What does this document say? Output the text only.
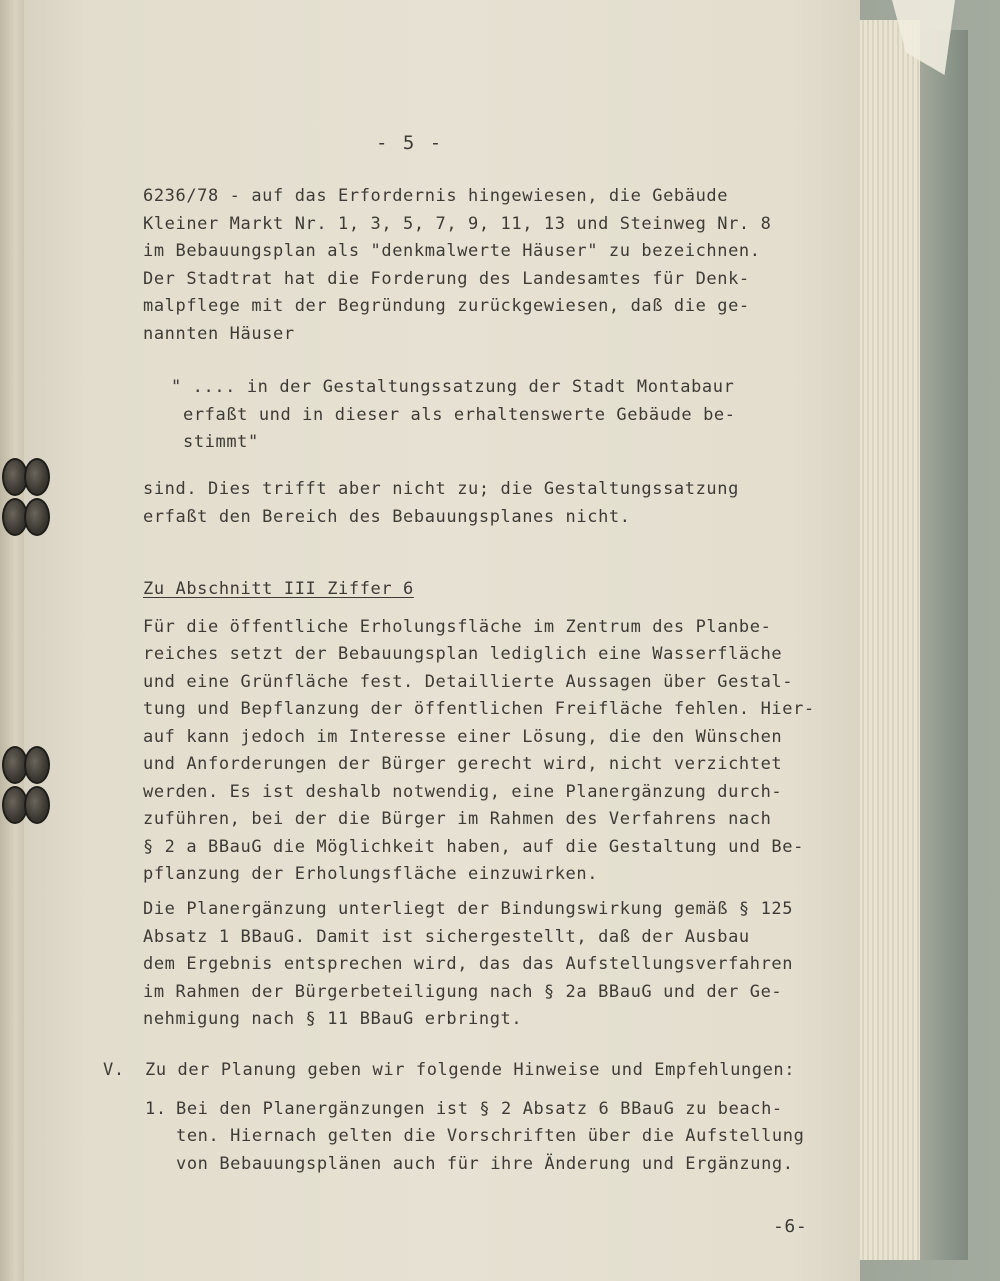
- 5 -
6236/78 - auf das Erfordernis hingewiesen, die Gebäude
Kleiner Markt Nr. 1, 3, 5, 7, 9, 11, 13 und Steinweg Nr. 8
im Bebauungsplan als "denkmalwerte Häuser" zu bezeichnen.
Der Stadtrat hat die Forderung des Landesamtes für Denk-
malpflege mit der Begründung zurückgewiesen, daß die ge-
nannten Häuser
" .... in der Gestaltungssatzung der Stadt Montabaur
erfaßt und in dieser als erhaltenswerte Gebäude be-
stimmt"
sind. Dies trifft aber nicht zu; die Gestaltungssatzung
erfaßt den Bereich des Bebauungsplanes nicht.
Zu Abschnitt III Ziffer 6
Für die öffentliche Erholungsfläche im Zentrum des Planbe-
reiches setzt der Bebauungsplan lediglich eine Wasserfläche
und eine Grünfläche fest. Detaillierte Aussagen über Gestal-
tung und Bepflanzung der öffentlichen Freifläche fehlen. Hier-
auf kann jedoch im Interesse einer Lösung, die den Wünschen
und Anforderungen der Bürger gerecht wird, nicht verzichtet
werden. Es ist deshalb notwendig, eine Planergänzung durch-
zuführen, bei der die Bürger im Rahmen des Verfahrens nach
§ 2 a BBauG die Möglichkeit haben, auf die Gestaltung und Be-
pflanzung der Erholungsfläche einzuwirken.
Die Planergänzung unterliegt der Bindungswirkung gemäß § 125
Absatz 1 BBauG. Damit ist sichergestellt, daß der Ausbau
dem Ergebnis entsprechen wird, das das Aufstellungsverfahren
im Rahmen der Bürgerbeteiligung nach § 2a BBauG und der Ge-
nehmigung nach § 11 BBauG erbringt.
V. Zu der Planung geben wir folgende Hinweise und Empfehlungen:
1. Bei den Planergänzungen ist § 2 Absatz 6 BBauG zu beach-
ten. Hiernach gelten die Vorschriften über die Aufstellung
von Bebauungsplänen auch für ihre Änderung und Ergänzung.
-6-
